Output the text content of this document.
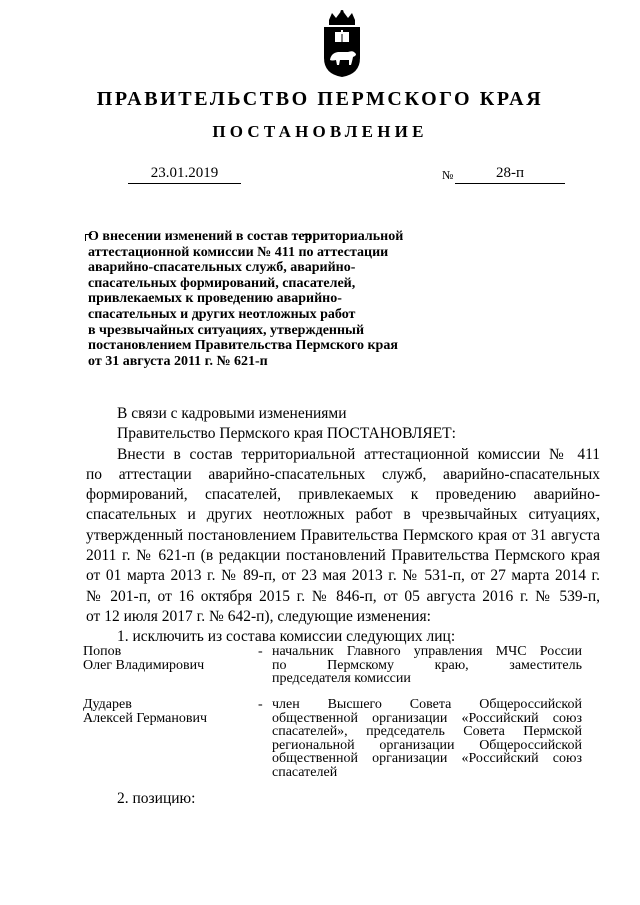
ПРАВИТЕЛЬСТВО ПЕРМСКОГО КРАЯ
ПОСТАНОВЛЕНИЕ
23.01.2019	№	28-п
О внесении изменений в состав территориальной
аттестационной комиссии № 411 по аттестации
аварийно-спасательных служб, аварийно-
спасательных формирований, спасателей,
привлекаемых к проведению аварийно-
спасательных и других неотложных работ
в чрезвычайных ситуациях, утвержденный
постановлением Правительства Пермского края
от 31 августа 2011 г. № 621-п
В связи с кадровыми изменениями
Правительство Пермского края ПОСТАНОВЛЯЕТ:
Внести в состав территориальной аттестационной комиссии № 411
по аттестации аварийно-спасательных служб, аварийно-спасательных
формирований, спасателей, привлекаемых к проведению аварийно-
спасательных и других неотложных работ в чрезвычайных ситуациях,
утвержденный постановлением Правительства Пермского края от 31 августа
2011 г. № 621-п (в редакции постановлений Правительства Пермского края
от 01 марта 2013 г. № 89-п, от 23 мая 2013 г. № 531-п, от 27 марта 2014 г.
№ 201-п, от 16 октября 2015 г. № 846-п, от 05 августа 2016 г. № 539-п,
от 12 июля 2017 г. № 642-п), следующие изменения:
1. исключить из состава комиссии следующих лиц:
Попов
Олег Владимирович
- начальник Главного управления МЧС России
по Пермскому краю, заместитель
председателя комиссии
Дударев
Алексей Германович
- член Высшего Совета Общероссийской
общественной организации «Российский союз
спасателей», председатель Совета Пермской
региональной организации Общероссийской
общественной организации «Российский союз
спасателей
2. позицию:
